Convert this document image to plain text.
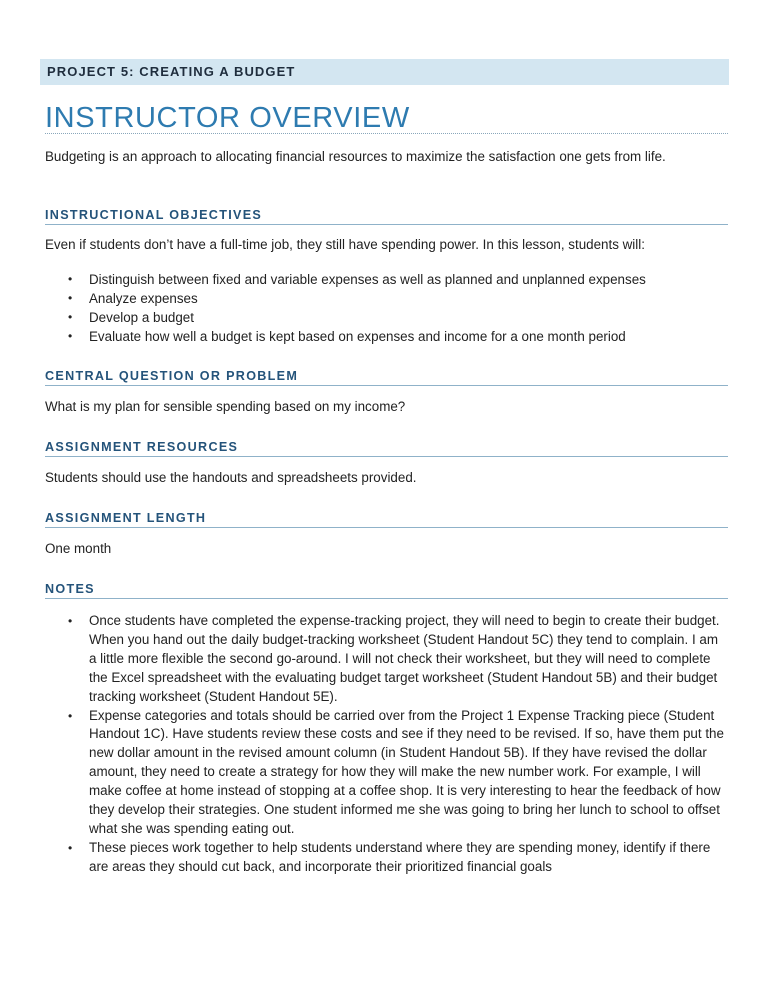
PROJECT 5: CREATING A BUDGET
INSTRUCTOR OVERVIEW

Budgeting is an approach to allocating financial resources to maximize the satisfaction one gets from life.

INSTRUCTIONAL OBJECTIVES

Even if students don’t have a full-time job, they still have spending power. In this lesson, students will:

• Distinguish between fixed and variable expenses as well as planned and unplanned expenses
• Analyze expenses
• Develop a budget
• Evaluate how well a budget is kept based on expenses and income for a one month period
CENTRAL QUESTION OR PROBLEM

What is my plan for sensible spending based on my income?

ASSIGNMENT RESOURCES

Students should use the handouts and spreadsheets provided.

ASSIGNMENT LENGTH

One month

NOTES
• Once students have completed the expense-tracking project, they will need to begin to create their budget. When you hand out the daily budget-tracking worksheet (Student Handout 5C) they tend to complain. I am a little more flexible the second go-around. I will not check their worksheet, but they will need to complete the Excel spreadsheet with the evaluating budget target worksheet (Student Handout 5B) and their budget tracking worksheet (Student Handout 5E).
• Expense categories and totals should be carried over from the Project 1 Expense Tracking piece (Student Handout 1C). Have students review these costs and see if they need to be revised. If so, have them put the new dollar amount in the revised amount column (in Student Handout 5B). If they have revised the dollar amount, they need to create a strategy for how they will make the new number work. For example, I will make coffee at home instead of stopping at a coffee shop. It is very interesting to hear the feedback of how they develop their strategies. One student informed me she was going to bring her lunch to school to offset what she was spending eating out.
• These pieces work together to help students understand where they are spending money, identify if there are areas they should cut back, and incorporate their prioritized financial goals
